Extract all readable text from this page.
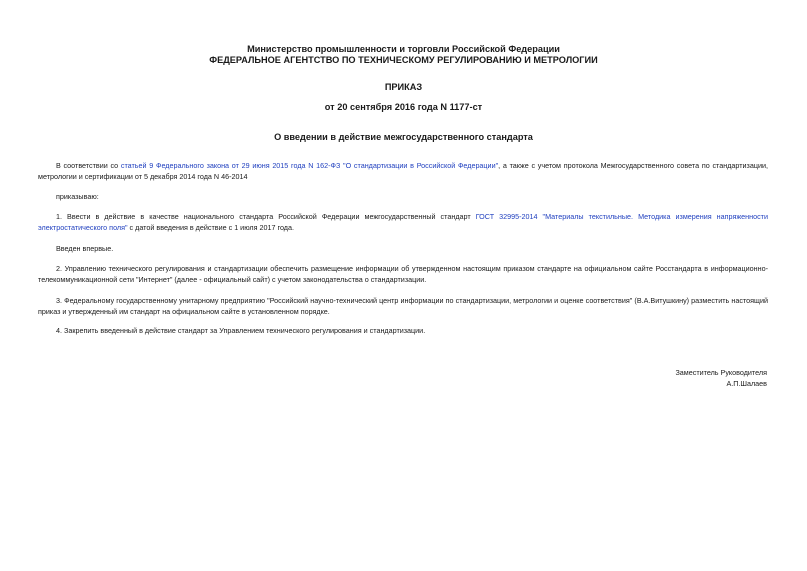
Министерство промышленности и торговли Российской Федерации
ФЕДЕРАЛЬНОЕ АГЕНТСТВО ПО ТЕХНИЧЕСКОМУ РЕГУЛИРОВАНИЮ И МЕТРОЛОГИИ
ПРИКАЗ
от 20 сентября 2016 года N 1177-ст
О введении в действие межгосударственного стандарта
В соответствии со статьей 9 Федерального закона от 29 июня 2015 года N 162-ФЗ "О стандартизации в Российской Федерации", а также с учетом протокола Межгосударственного совета по стандартизации, метрологии и сертификации от 5 декабря 2014 года N 46-2014
приказываю:
1. Ввести в действие в качестве национального стандарта Российской Федерации межгосударственный стандарт ГОСТ 32995-2014 "Материалы текстильные. Методика измерения напряженности электростатического поля" с датой введения в действие с 1 июля 2017 года.
Введен впервые.
2. Управлению технического регулирования и стандартизации обеспечить размещение информации об утвержденном настоящим приказом стандарте на официальном сайте Росстандарта в информационно-телекоммуникационной сети "Интернет" (далее - официальный сайт) с учетом законодательства о стандартизации.
3. Федеральному государственному унитарному предприятию "Российский научно-технический центр информации по стандартизации, метрологии и оценке соответствия" (В.А.Витушкину) разместить настоящий приказ и утвержденный им стандарт на официальном сайте в установленном порядке.
4. Закрепить введенный в действие стандарт за Управлением технического регулирования и стандартизации.
Заместитель Руководителя
А.П.Шалаев
